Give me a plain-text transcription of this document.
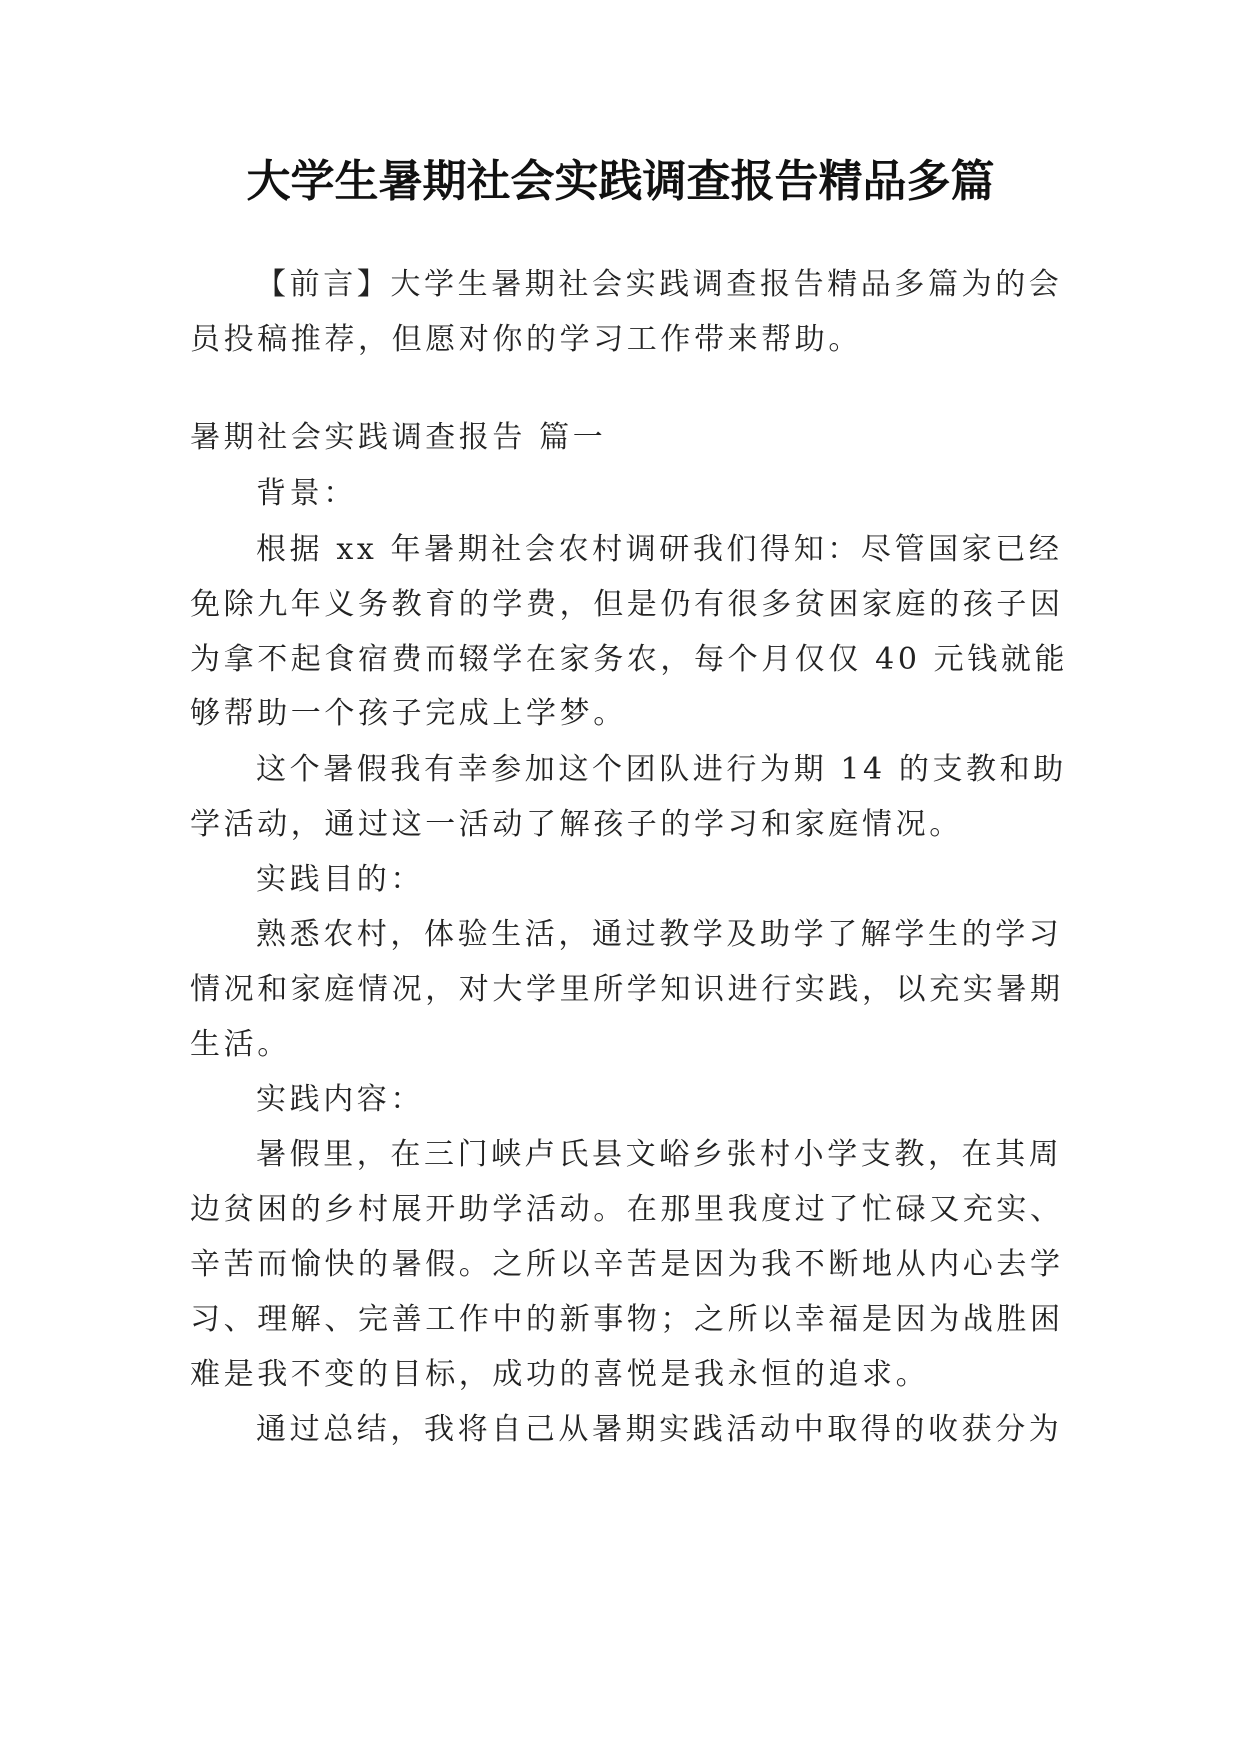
大学生暑期社会实践调查报告精品多篇
【前言】大学生暑期社会实践调查报告精品多篇为的会
员投稿推荐，但愿对你的学习工作带来帮助。
暑期社会实践调查报告 篇一
背景：
根据 xx 年暑期社会农村调研我们得知：尽管国家已经
免除九年义务教育的学费，但是仍有很多贫困家庭的孩子因
为拿不起食宿费而辍学在家务农，每个月仅仅 40 元钱就能
够帮助一个孩子完成上学梦。
这个暑假我有幸参加这个团队进行为期 14 的支教和助
学活动，通过这一活动了解孩子的学习和家庭情况。
实践目的：
熟悉农村，体验生活，通过教学及助学了解学生的学习
情况和家庭情况，对大学里所学知识进行实践，以充实暑期
生活。
实践内容：
暑假里，在三门峡卢氏县文峪乡张村小学支教，在其周
边贫困的乡村展开助学活动。在那里我度过了忙碌又充实、
辛苦而愉快的暑假。之所以辛苦是因为我不断地从内心去学
习、理解、完善工作中的新事物；之所以幸福是因为战胜困
难是我不变的目标，成功的喜悦是我永恒的追求。
通过总结，我将自己从暑期实践活动中取得的收获分为
